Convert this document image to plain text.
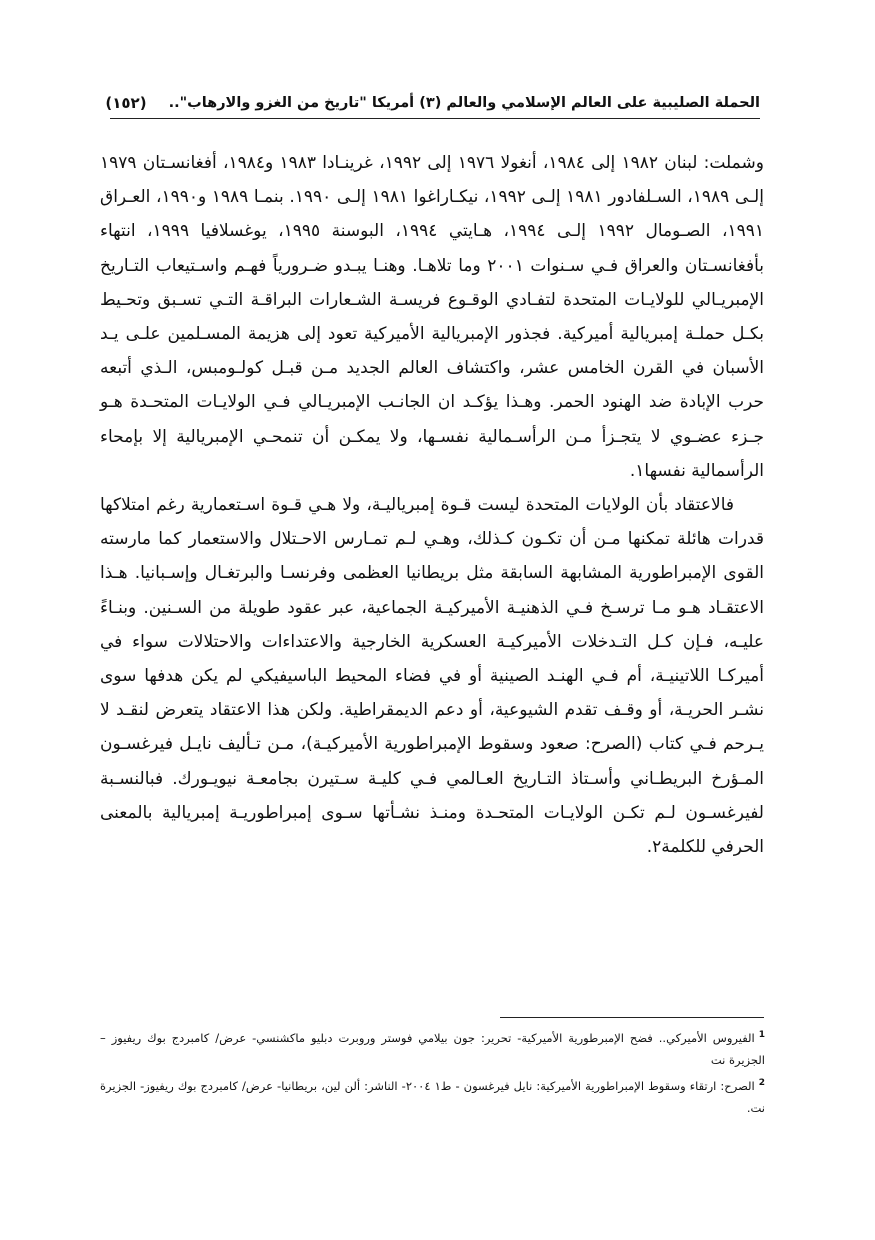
الحملة الصليبية على العالم الإسلامي والعالم (٣) أمريكا "تاريخ من الغزو والارهاب"..
(١٥٢)

وشملت: لبنان ١٩٨٢ إلى ١٩٨٤، أنغولا ١٩٧٦ إلى ١٩٩٢، غرينـادا ١٩٨٣ و١٩٨٤، أفغانسـتان ١٩٧٩ إلـى ١٩٨٩، السـلفادور ١٩٨١ إلـى ١٩٩٢، نيكـاراغوا ١٩٨١ إلـى ١٩٩٠. بنمـا ١٩٨٩ و١٩٩٠، العـراق ١٩٩١، الصـومال ١٩٩٢ إلـى ١٩٩٤، هـايتي ١٩٩٤، البوسنة ١٩٩٥، يوغسلافيا ١٩٩٩، انتهاء بأفغانسـتان والعراق فـي سـنوات ٢٠٠١ وما تلاهـا. وهنـا يبـدو ضـرورياً فهـم واسـتيعاب التـاريخ الإمبريـالي للولايـات المتحدة لتفـادي الوقـوع فريسـة الشـعارات البراقـة التـي تسـبق وتحـيط بكـل حملـة إمبريالية أميركية. فجذور الإمبريالية الأميركية تعود إلى هزيمة المسـلمين علـى يـد الأسبان في القرن الخامس عشر، واكتشاف العالم الجديد مـن قبـل كولـومبس، الـذي أتبعه حرب الإبادة ضد الهنود الحمر. وهـذا يؤكـد ان الجانـب الإمبريـالي فـي الولايـات المتحـدة هـو جـزء عضـوي لا يتجـزأ مـن الرأسـمالية نفسـها، ولا يمكـن أن تنمحـي الإمبريالية إلا بإمحاء الرأسمالية نفسها١.

فالاعتقاد بأن الولايات المتحدة ليست قـوة إمبرياليـة، ولا هـي قـوة اسـتعمارية رغم امتلاكها قدرات هائلة تمكنها مـن أن تكـون كـذلك، وهـي لـم تمـارس الاحـتلال والاستعمار كما مارسته القوى الإمبراطورية المشابهة السابقة مثل بريطانيا العظمى وفرنسـا والبرتغـال وإسـبانيا. هـذا الاعتقـاد هـو مـا ترسـخ فـي الذهنيـة الأميركيـة الجماعية، عبر عقود طويلة من السـنين. وبنـاءً عليـه، فـإن كـل التـدخلات الأميركيـة العسكرية الخارجية والاعتداءات والاحتلالات سواء في أميركـا اللاتينيـة، أم فـي الهنـد الصينية أو في فضاء المحيط الباسيفيكي لم يكن هدفها سوى نشـر الحريـة، أو وقـف تقدم الشيوعية، أو دعم الديمقراطية. ولكن هذا الاعتقاد يتعرض لنقـد لا يـرحم فـي كتاب (الصرح: صعود وسقوط الإمبراطورية الأميركيـة)، مـن تـأليف نايـل فيرغسـون المـؤرخ البريطـاني وأسـتاذ التـاريخ العـالمي فـي كليـة سـتيرن بجامعـة نيويـورك. فبالنسـبة لفيرغسـون لـم تكـن الولايـات المتحـدة ومنـذ نشـأتها سـوى إمبراطوريـة إمبريالية بالمعنى الحرفي للكلمة٢.

$^1$الفيروس الأميركي.. فضح الإمبرطورية الأميركية- تحرير: جون بيلامي فوستر وروبرت دبليو ماكشنسي- عرض/ كامبردج بوك ريفيوز – الجزيرة نت

$^2$الصرح: ارتقاء وسقوط الإمبراطورية الأميركية: نايل فيرغسون - ط١ ٢٠٠٤- الناشر: ألن لين، بريطانيا- عرض/ كامبردج بوك ريفيوز- الجزيرة نت.
